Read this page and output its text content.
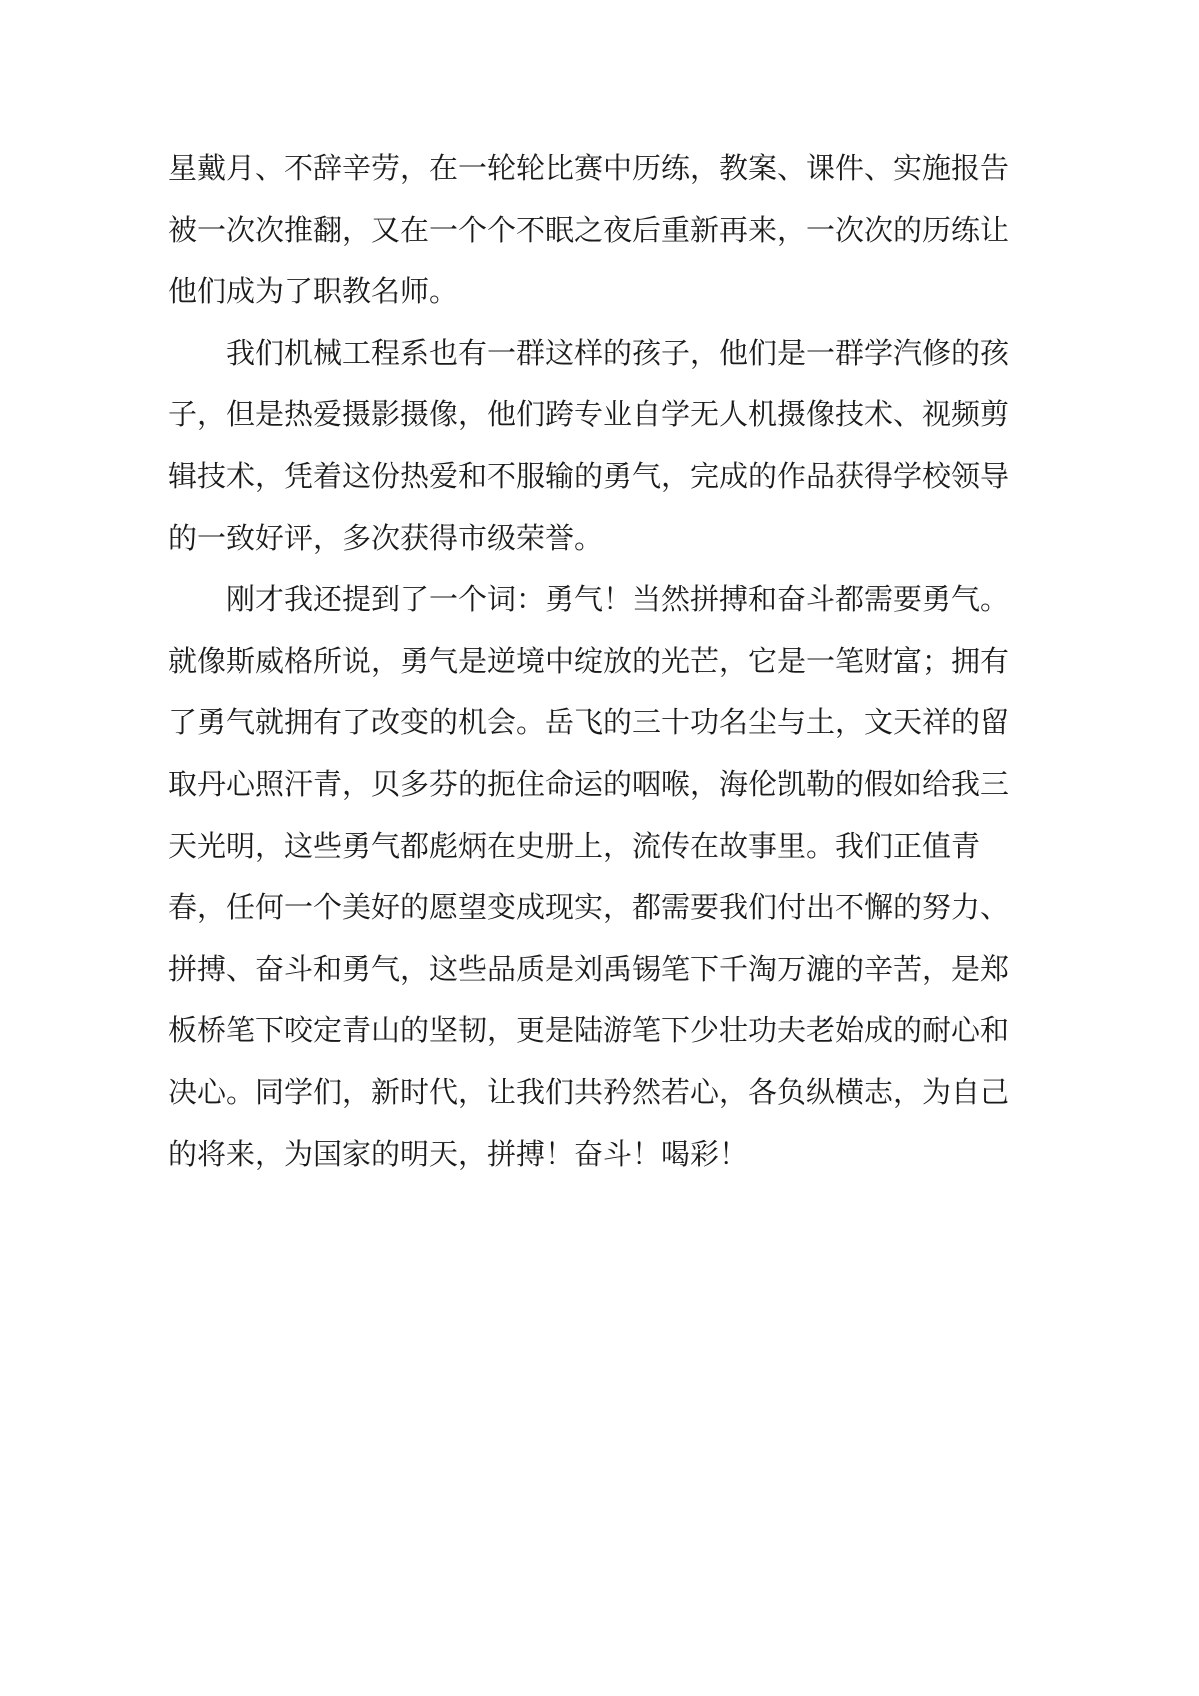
星戴月、不辞辛劳，在一轮轮比赛中历练，教案、课件、实施报告
被一次次推翻，又在一个个不眠之夜后重新再来，一次次的历练让
他们成为了职教名师。
　　我们机械工程系也有一群这样的孩子，他们是一群学汽修的孩
子，但是热爱摄影摄像，他们跨专业自学无人机摄像技术、视频剪
辑技术，凭着这份热爱和不服输的勇气，完成的作品获得学校领导
的一致好评，多次获得市级荣誉。
　　刚才我还提到了一个词：勇气！当然拼搏和奋斗都需要勇气。
就像斯威格所说，勇气是逆境中绽放的光芒，它是一笔财富；拥有
了勇气就拥有了改变的机会。岳飞的三十功名尘与土，文天祥的留
取丹心照汗青，贝多芬的扼住命运的咽喉，海伦凯勒的假如给我三
天光明，这些勇气都彪炳在史册上，流传在故事里。我们正值青
春，任何一个美好的愿望变成现实，都需要我们付出不懈的努力、
拼搏、奋斗和勇气，这些品质是刘禹锡笔下千淘万漉的辛苦，是郑
板桥笔下咬定青山的坚韧，更是陆游笔下少壮功夫老始成的耐心和
决心。同学们，新时代，让我们共矜然若心，各负纵横志，为自己
的将来，为国家的明天，拼搏！奋斗！喝彩！
